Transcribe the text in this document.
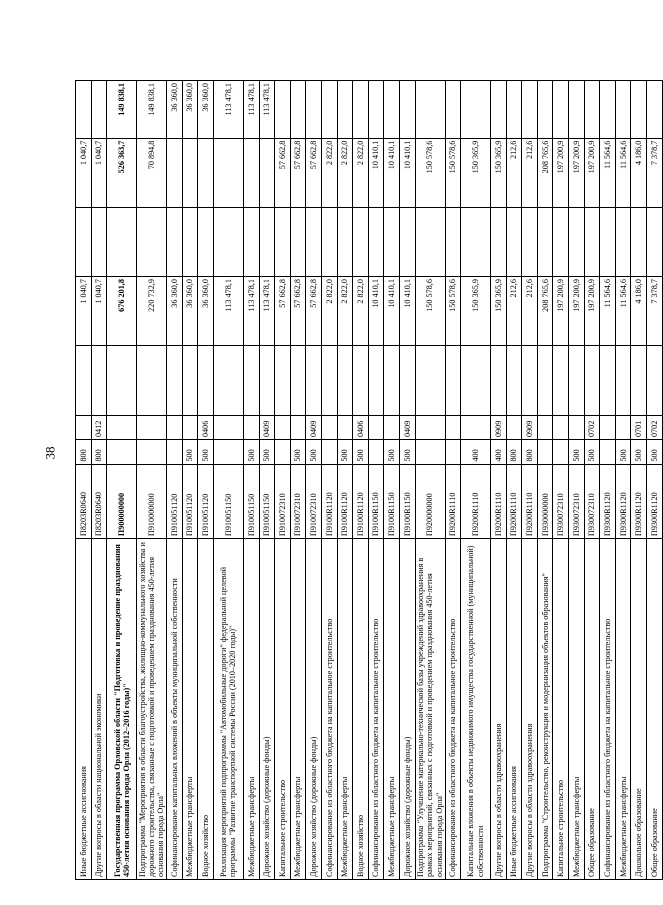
38
Иные бюджетные ассигнования	П8203R0640	800			1 040,7		1 040,7	
Другие вопросы в области национальной экономики	П8203R0640	800	0412		1 040,7		1 040,7	
Государственная программа Орловской области "Подготовка и проведение празднования 450-летия основания города Орла (2012–2016 годы)"	П900000000				676 201,8		526 363,7	149 838,1
Подпрограмма "Мероприятия в области благоустройства, жилищно-коммунального хозяйства и дорожного строительства, связанные с подготовкой и проведением празднования 450-летия основания города Орла"	П910000000				220 732,9		70 894,8	149 838,1
Софинансирование капитальных вложений в объекты муниципальной собственности	П910051120				36 360,0			36 360,0
Межбюджетные трансферты	П910051120	500			36 360,0			36 360,0
Водное хозяйство	П910051120	500	0406		36 360,0			36 360,0
Реализация мероприятий подпрограммы "Автомобильные дороги" федеральной целевой программы "Развитие транспортной системы России (2010–2020 годы)"	П910051150				113 478,1			113 478,1
Межбюджетные трансферты	П910051150	500			113 478,1			113 478,1
Дорожное хозяйство (дорожные фонды)	П910051150	500	0409		113 478,1			113 478,1
Капитальное строительство	П910072310				57 662,8		57 662,8	
Межбюджетные трансферты	П910072310	500			57 662,8		57 662,8	
Дорожное хозяйство (дорожные фонды)	П910072310	500	0409		57 662,8		57 662,8	
Софинансирование из областного бюджета на капитальное строительство	П9100R1120				2 822,0		2 822,0	
Межбюджетные трансферты	П9100R1120	500			2 822,0		2 822,0	
Водное хозяйство	П9100R1120	500	0406		2 822,0		2 822,0	
Софинансирование из областного бюджета на капитальное строительство	П9100R1150				10 410,1		10 410,1	
Межбюджетные трансферты	П9100R1150	500			10 410,1		10 410,1	
Дорожное хозяйство (дорожные фонды)	П9100R1150	500	0409		10 410,1		10 410,1	
Подпрограмма "Улучшение материально-технической базы учреждений здравоохранения в рамках мероприятий, связанных с подготовкой и проведением празднования 450-летия основания города Орла"	П920000000				150 578,6		150 578,6	
Софинансирование из областного бюджета на капитальное строительство	П9200R1110				150 578,6		150 578,6	
Капитальные вложения в объекты недвижимого имущества государственной (муниципальной) собственности	П9200R1110	400			150 365,9		150 365,9	
Другие вопросы в области здравоохранения	П9200R1110	400	0909		150 365,9		150 365,9	
Иные бюджетные ассигнования	П9200R1110	800			212,6		212,6	
Другие вопросы в области здравоохранения	П9200R1110	800	0909		212,6		212,6	
Подпрограмма "Строительство, реконструкция и модернизация объектов образования"	П930000000				208 765,6		208 765,6	
Капитальное строительство	П930072310				197 200,9		197 200,9	
Межбюджетные трансферты	П930072310	500			197 200,9		197 200,9	
Общее образование	П930072310	500	0702		197 200,9		197 200,9	
Софинансирование из областного бюджета на капитальное строительство	П9300R1120				11 564,6		11 564,6	
Межбюджетные трансферты	П9300R1120	500			11 564,6		11 564,6	
Дошкольное образование	П9300R1120	500	0701		4 186,0		4 186,0	
Общее образование	П9300R1120	500	0702		7 378,7		7 378,7	
